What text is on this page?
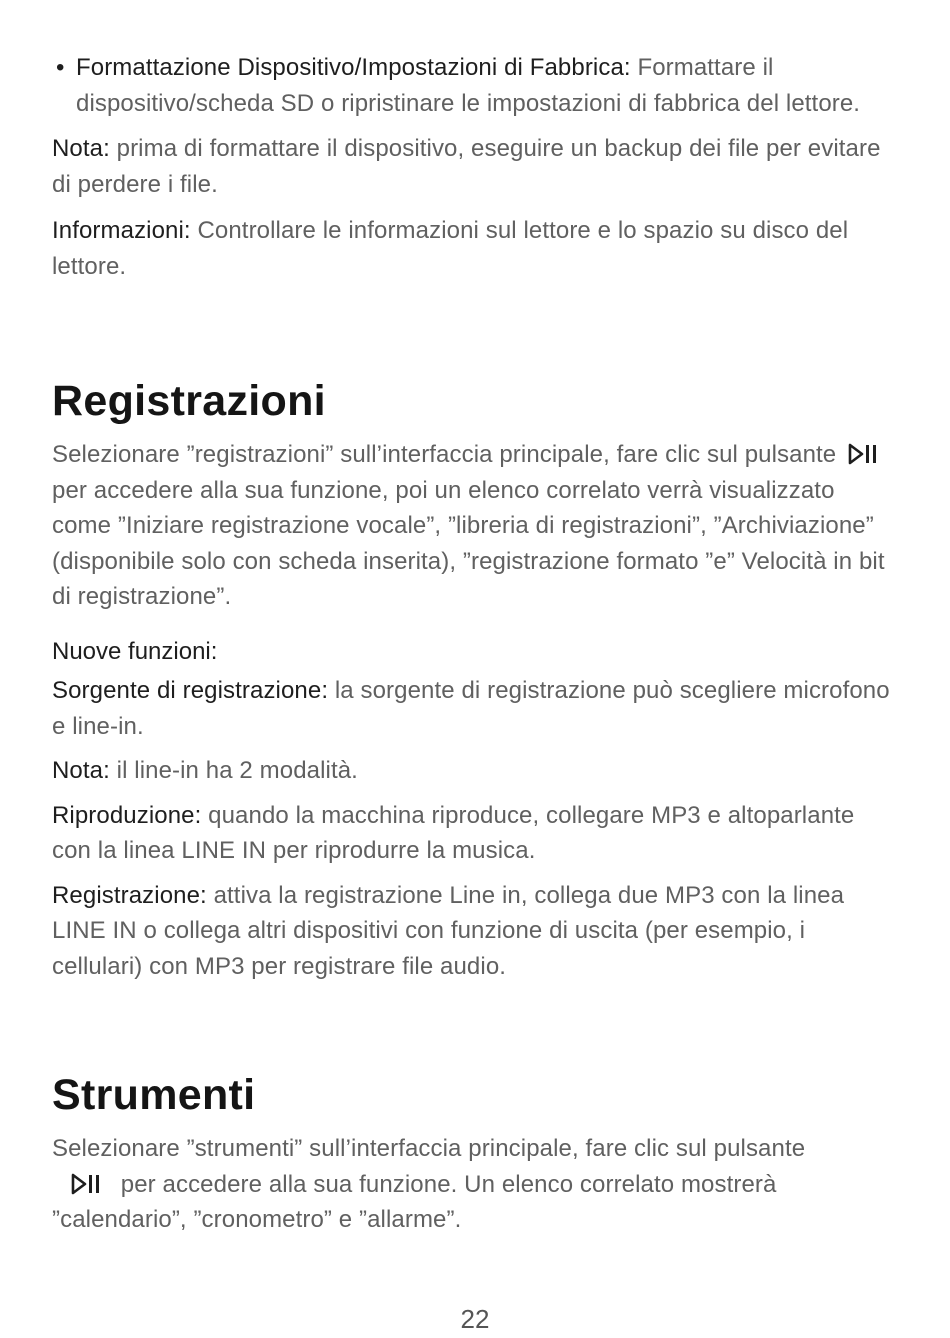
• Formattazione Dispositivo/Impostazioni di Fabbrica: Formattare il dispositivo/scheda SD o ripristinare le impostazioni di fabbrica del lettore.

Nota: prima di formattare il dispositivo, eseguire un backup dei file per evitare di perdere i file.

Informazioni: Controllare le informazioni sul lettore e lo spazio su disco del lettore.

Registrazioni

Selezionare ”registrazioni” sull’interfaccia principale, fare clic sul pulsante  per accedere alla sua funzione, poi un elenco correlato verrà visualizzato come ”Iniziare registrazione vocale”, ”libreria di registrazioni”, ”Archiviazione” (disponibile solo con scheda inserita), ”registrazione formato ”e” Velocità in bit di registrazione”.

Nuove funzioni:

Sorgente di registrazione: la sorgente di registrazione può scegliere microfono e line-in.

Nota: il line-in ha 2 modalità.

Riproduzione: quando la macchina riproduce, collegare MP3 e altoparlante con la linea LINE IN per riprodurre la musica.

Registrazione: attiva la registrazione Line in, collega due MP3 con la linea LINE IN o collega altri dispositivi con funzione di uscita (per esempio, i cellulari) con MP3 per registrare file audio.

Strumenti

Selezionare ”strumenti” sull’interfaccia principale, fare clic sul pulsante
per accedere alla sua funzione. Un elenco correlato mostrerà ”calendario”, ”cronometro” e ”allarme”.

22
